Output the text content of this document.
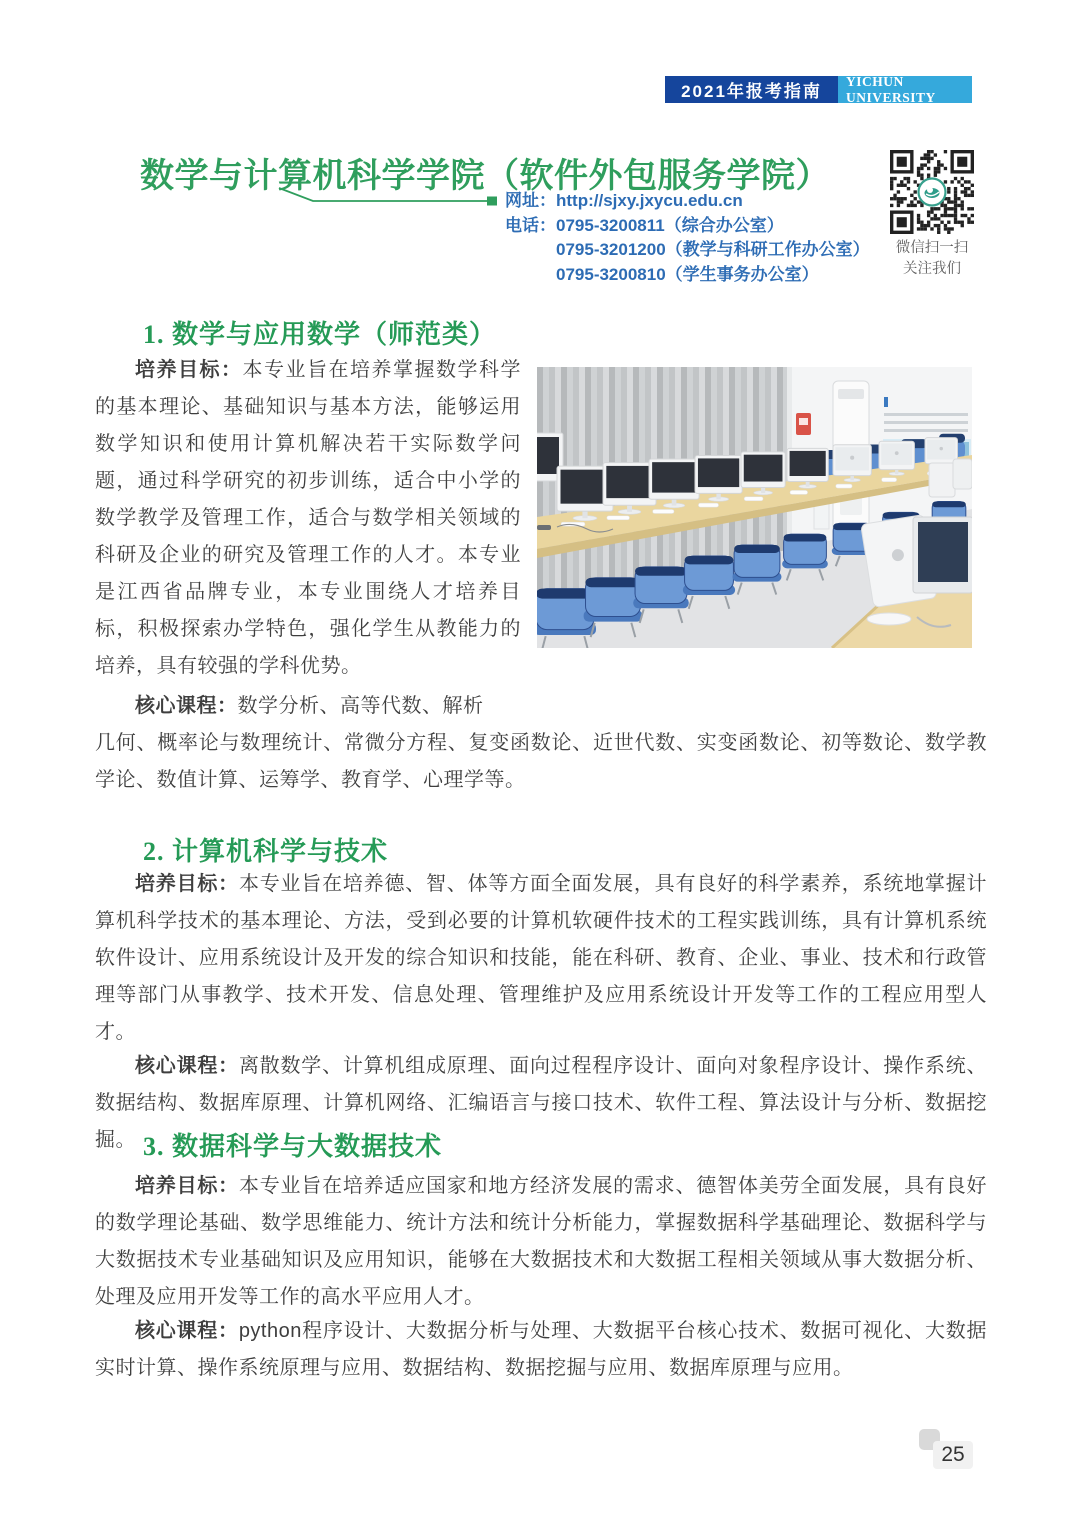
2021年报考指南
YICHUN UNIVERSITY
数学与计算机科学学院（软件外包服务学院）
网址：http://sjxy.jxycu.edu.cn
电话：0795-3200811（综合办公室）
0795-3201200（教学与科研工作办公室）
0795-3200810（学生事务办公室）
微信扫一扫
关注我们
1. 数学与应用数学（师范类）

培养目标：本专业旨在培养掌握数学科学的基本理论、基础知识与基本方法，能够运用数学知识和使用计算机解决若干实际数学问题，通过科学研究的初步训练，适合中小学的数学教学及管理工作，适合与数学相关领域的科研及企业的研究及管理工作的人才。本专业是江西省品牌专业，本专业围绕人才培养目标，积极探索办学特色，强化学生从教能力的培养，具有较强的学科优势。

核心课程：数学分析、高等代数、解析
几何、概率论与数理统计、常微分方程、复变函数论、近世代数、实变函数论、初等数论、数学教学论、数值计算、运筹学、教育学、心理学等。

2. 计算机科学与技术

培养目标：本专业旨在培养德、智、体等方面全面发展，具有良好的科学素养，系统地掌握计算机科学技术的基本理论、方法，受到必要的计算机软硬件技术的工程实践训练，具有计算机系统软件设计、应用系统设计及开发的综合知识和技能，能在科研、教育、企业、事业、技术和行政管理等部门从事教学、技术开发、信息处理、管理维护及应用系统设计开发等工作的工程应用型人才。

核心课程：离散数学、计算机组成原理、面向过程程序设计、面向对象程序设计、操作系统、数据结构、数据库原理、计算机网络、汇编语言与接口技术、软件工程、算法设计与分析、数据挖掘。 3. 数据科学与大数据技术

培养目标：本专业旨在培养适应国家和地方经济发展的需求、德智体美劳全面发展，具有良好的数学理论基础、数学思维能力、统计方法和统计分析能力，掌握数据科学基础理论、数据科学与大数据技术专业基础知识及应用知识，能够在大数据技术和大数据工程相关领域从事大数据分析、处理及应用开发等工作的高水平应用人才。

核心课程：python程序设计、大数据分析与处理、大数据平台核心技术、数据可视化、大数据实时计算、操作系统原理与应用、数据结构、数据挖掘与应用、数据库原理与应用。

25
